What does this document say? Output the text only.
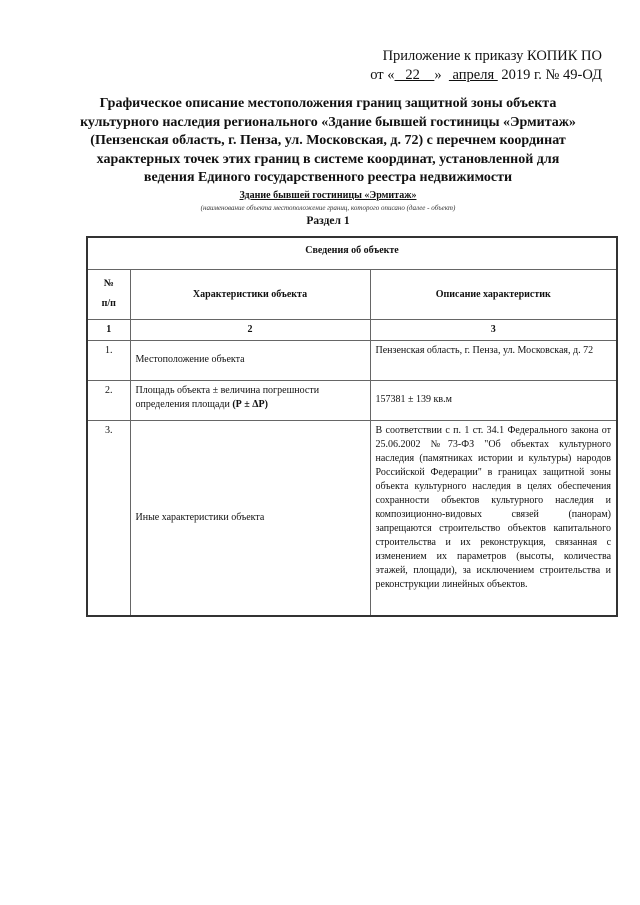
Приложение к приказу КОПИК ПО
от «   22    »   апреля  2019 г. № 49-ОД
Графическое описание местоположения границ защитной зоны объекта культурного наследия регионального «Здание бывшей гостиницы «Эрмитаж» (Пензенская область, г. Пенза, ул. Московская, д. 72) с перечнем координат характерных точек этих границ в системе координат, установленной для ведения Единого государственного реестра недвижимости
Здание бывшей гостиницы «Эрмитаж»
(наименование объекта местоположение границ, которого описано (далее - объект)
Раздел 1
Сведения об объекте		

№
п/п	Характеристики объекта	Описание характеристик
1	2	3
1.	Местоположение объекта	Пензенская область, г. Пенза, ул. Московская, д. 72
2.	Площадь объекта ± величина погрешности определения площади (Р ± ΔР)	157381 ± 139 кв.м
3.	Иные характеристики объекта	В соответствии с п. 1 ст. 34.1 Федерального закона от 25.06.2002 №73-ФЗ "Об объектах культурного наследия (памятниках истории и культуры) народов Российской Федерации" в границах защитной зоны объекта культурного наследия в целях обеспечения сохранности объектов культурного наследия и композиционно-видовых связей (панорам) запрещаются строительство объектов капитального строительства и их реконструкция, связанная с изменением их параметров (высоты, количества этажей, площади), за исключением строительства и реконструкции линейных объектов.
